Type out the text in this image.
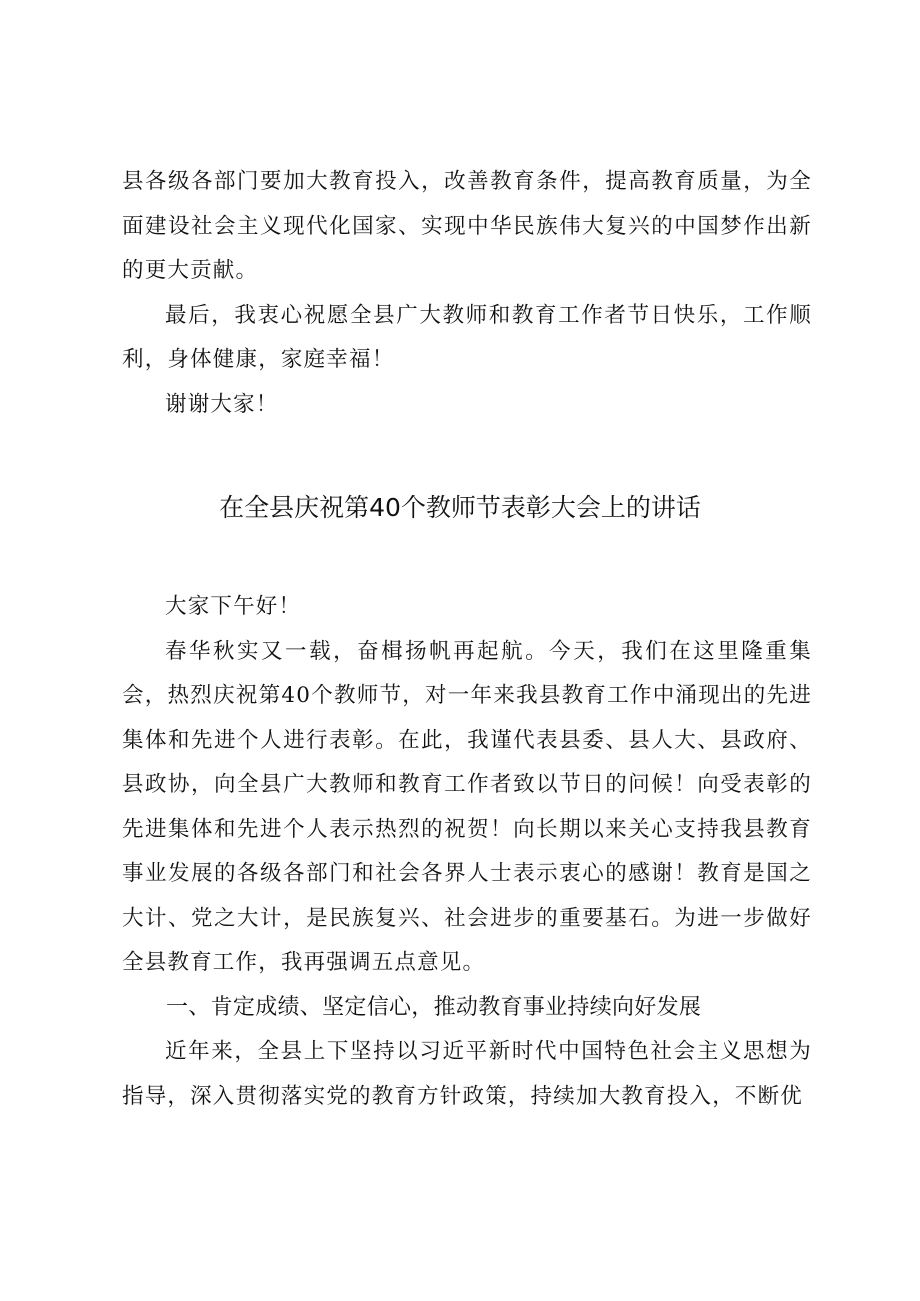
县各级各部门要加大教育投入，改善教育条件，提高教育质量，为全面建设社会主义现代化国家、实现中华民族伟大复兴的中国梦作出新的更大贡献。

最后，我衷心祝愿全县广大教师和教育工作者节日快乐，工作顺利，身体健康，家庭幸福！

谢谢大家！

在全县庆祝第40个教师节表彰大会上的讲话

大家下午好！

春华秋实又一载，奋楫扬帆再起航。今天，我们在这里隆重集会，热烈庆祝第40个教师节，对一年来我县教育工作中涌现出的先进集体和先进个人进行表彰。在此，我谨代表县委、县人大、县政府、县政协，向全县广大教师和教育工作者致以节日的问候！向受表彰的先进集体和先进个人表示热烈的祝贺！向长期以来关心支持我县教育事业发展的各级各部门和社会各界人士表示衷心的感谢！教育是国之大计、党之大计，是民族复兴、社会进步的重要基石。为进一步做好全县教育工作，我再强调五点意见。

一、肯定成绩、坚定信心，推动教育事业持续向好发展

近年来，全县上下坚持以习近平新时代中国特色社会主义思想为指导，深入贯彻落实党的教育方针政策，持续加大教育投入，不断优
